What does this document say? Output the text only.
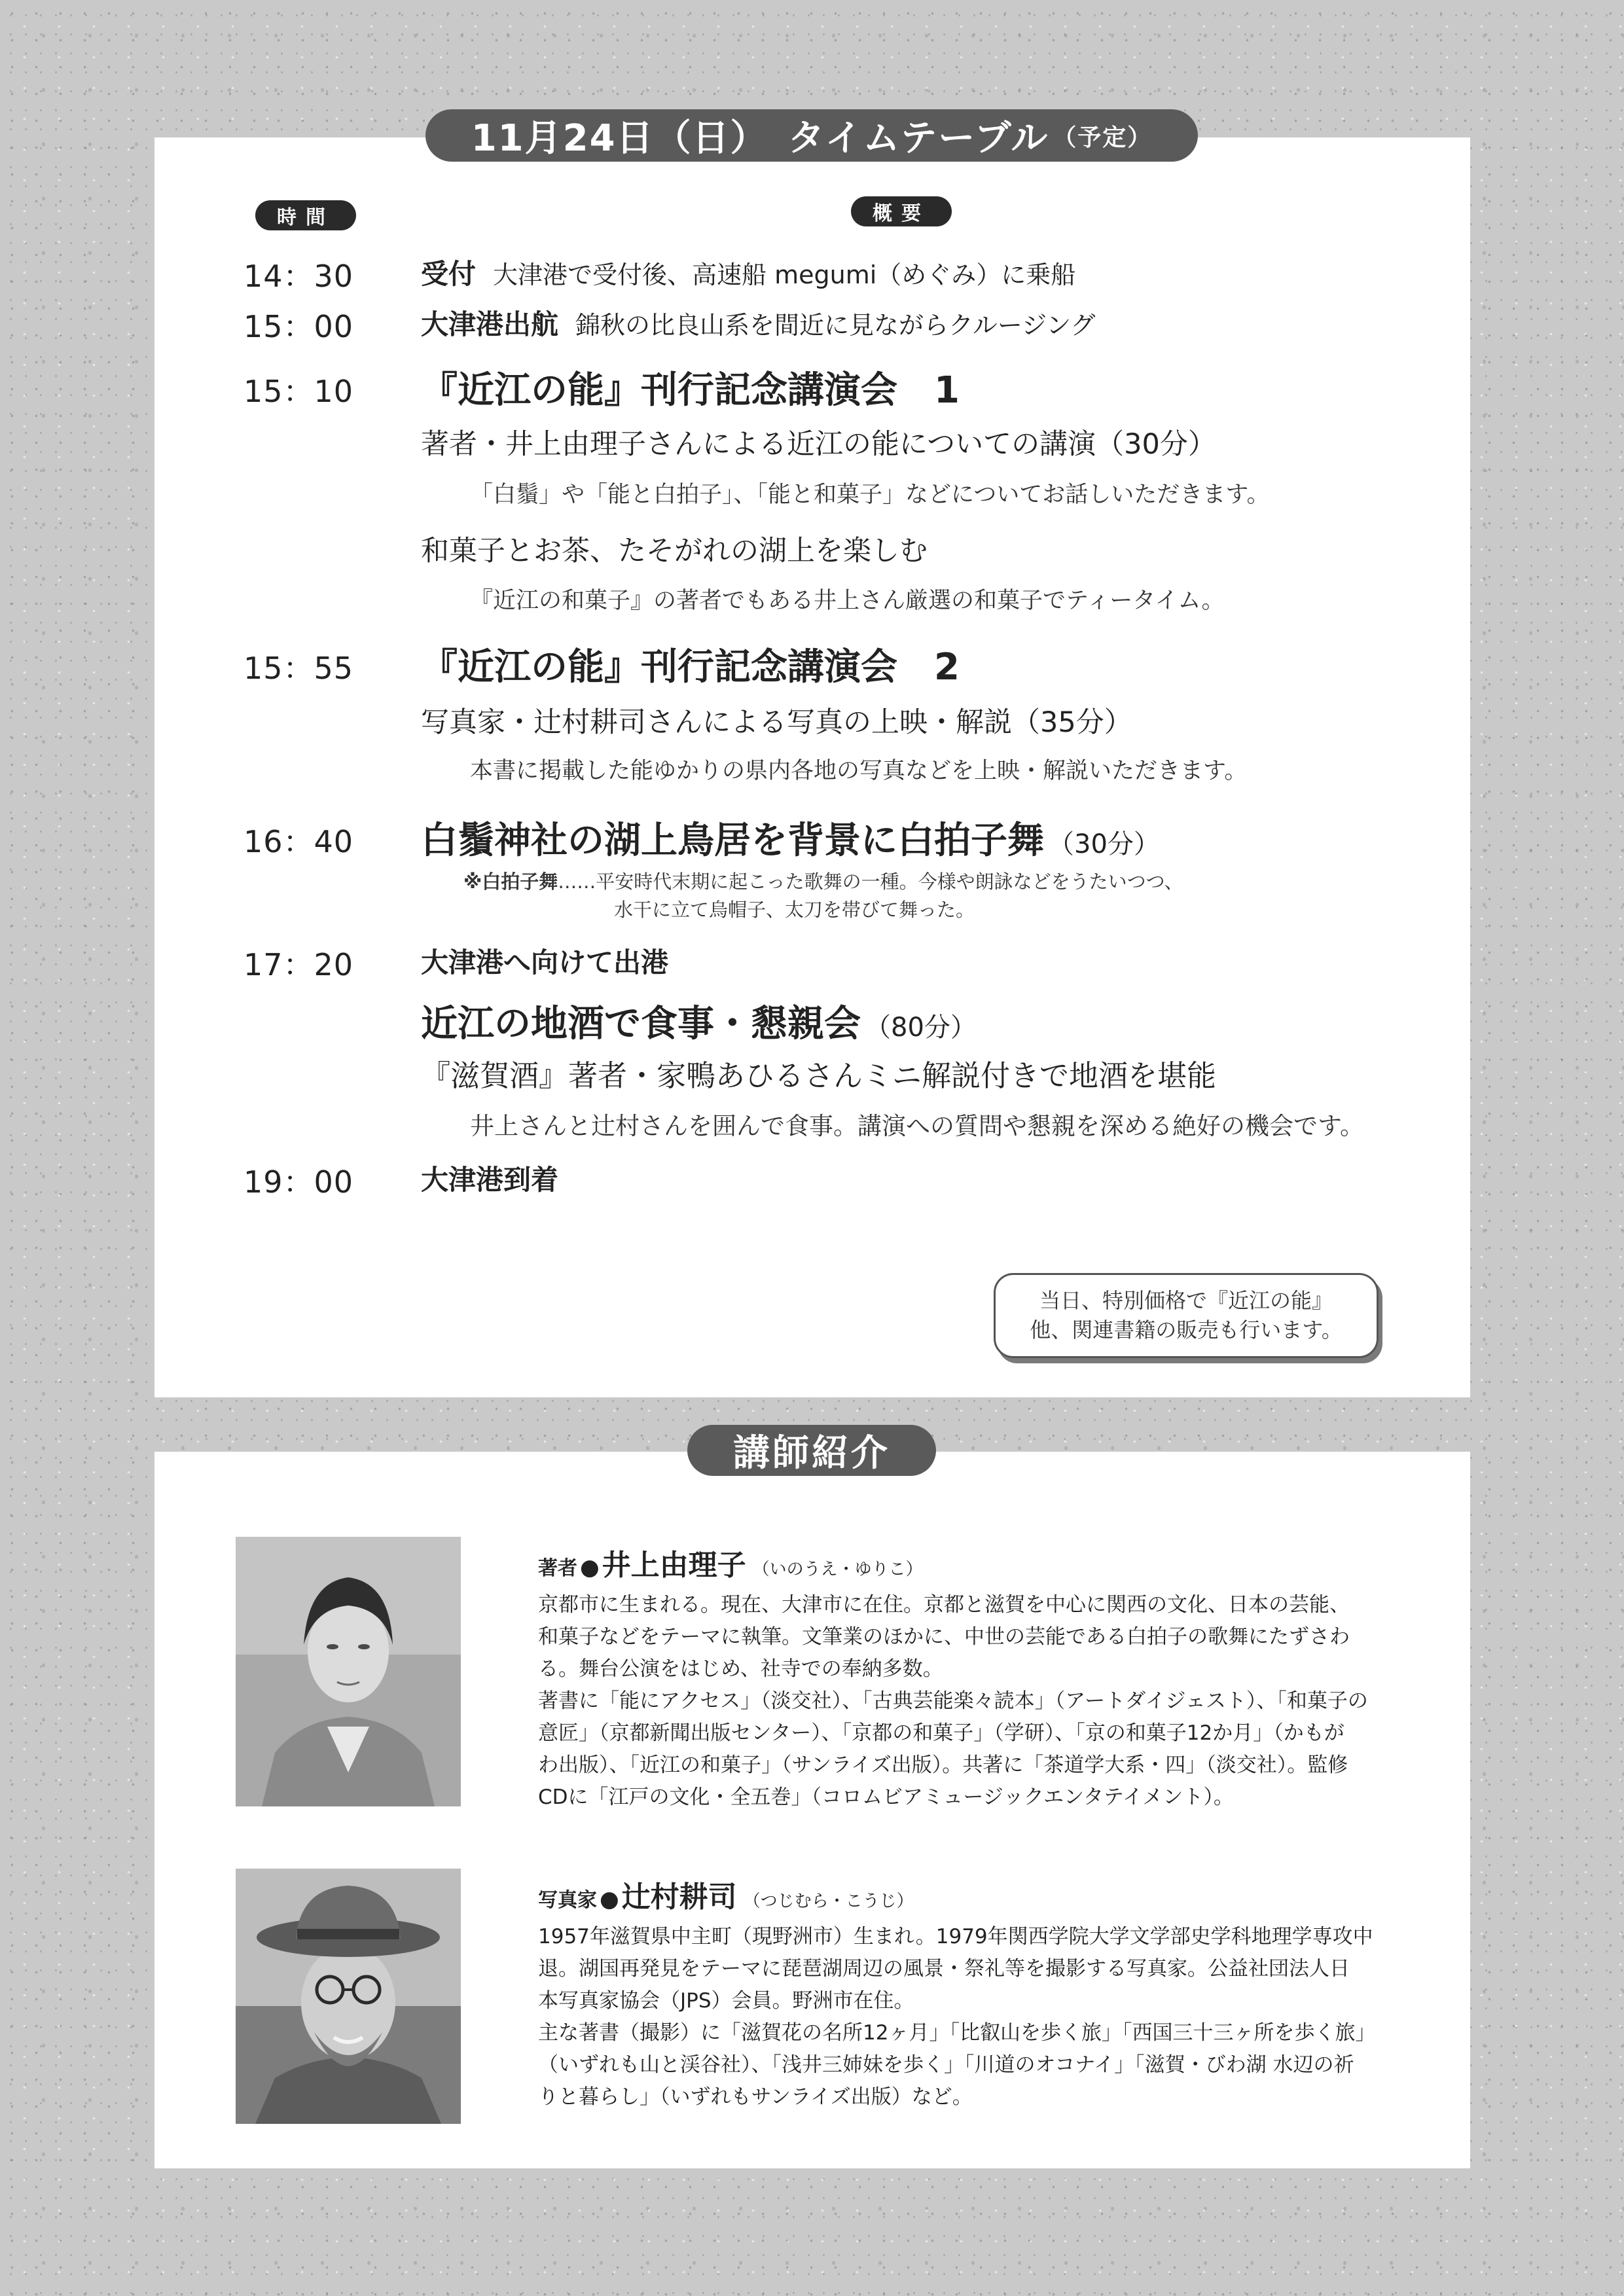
11月24日（日）　タイムテーブル （予定）
時間	概要
14：30 受付 大津港で受付後、高速船 megumi（めぐみ）に乗船
15：00 大津港出航 錦秋の比良山系を間近に見ながらクルージング
15：10 『近江の能』刊行記念講演会　1
著者・井上由理子さんによる近江の能についての講演（30分）
「白鬚」や「能と白拍子」、「能と和菓子」などについてお話しいただきます。
和菓子とお茶、たそがれの湖上を楽しむ
『近江の和菓子』の著者でもある井上さん厳選の和菓子でティータイム。
15：55 『近江の能』刊行記念講演会　2
写真家・辻村耕司さんによる写真の上映・解説（35分）
本書に掲載した能ゆかりの県内各地の写真などを上映・解説いただきます。
16：40 白鬚神社の湖上鳥居を背景に白拍子舞 （30分）
※白拍子舞……平安時代末期に起こった歌舞の一種。今様や朗詠などをうたいつつ、
水干に立て烏帽子、太刀を帯びて舞った。
17：20 大津港へ向けて出港
近江の地酒で食事・懇親会 （80分）
『滋賀酒』著者・家鴨あひるさんミニ解説付きで地酒を堪能
井上さんと辻村さんを囲んで食事。講演への質問や懇親を深める絶好の機会です。
19：00 大津港到着
当日、特別価格で『近江の能』
他、関連書籍の販売も行います。
講師紹介
著者 ●井上由理子 （いのうえ・ゆりこ）
京都市に生まれる。現在、大津市に在住。京都と滋賀を中心に関西の文化、日本の芸能、
和菓子などをテーマに執筆。文筆業のほかに、中世の芸能である白拍子の歌舞にたずさわ
る。舞台公演をはじめ、社寺での奉納多数。
著書に「能にアクセス」（淡交社）、「古典芸能楽々読本」（アートダイジェスト）、「和菓子の
意匠」（京都新聞出版センター）、「京都の和菓子」（学研）、「京の和菓子12か月」（かもが
わ出版）、「近江の和菓子」（サンライズ出版）。共著に「茶道学大系・四」（淡交社）。監修
CDに「江戸の文化・全五巻」（コロムビアミュージックエンタテイメント）。
写真家 ●辻村耕司 （つじむら・こうじ）
1957年滋賀県中主町（現野洲市）生まれ。1979年関西学院大学文学部史学科地理学専攻中
退。湖国再発見をテーマに琵琶湖周辺の風景・祭礼等を撮影する写真家。公益社団法人日
本写真家協会（JPS）会員。野洲市在住。
主な著書（撮影）に「滋賀花の名所12ヶ月」「比叡山を歩く旅」「西国三十三ヶ所を歩く旅」
（いずれも山と渓谷社）、「浅井三姉妹を歩く」「川道のオコナイ」「滋賀・びわ湖 水辺の祈
りと暮らし」（いずれもサンライズ出版）など。
